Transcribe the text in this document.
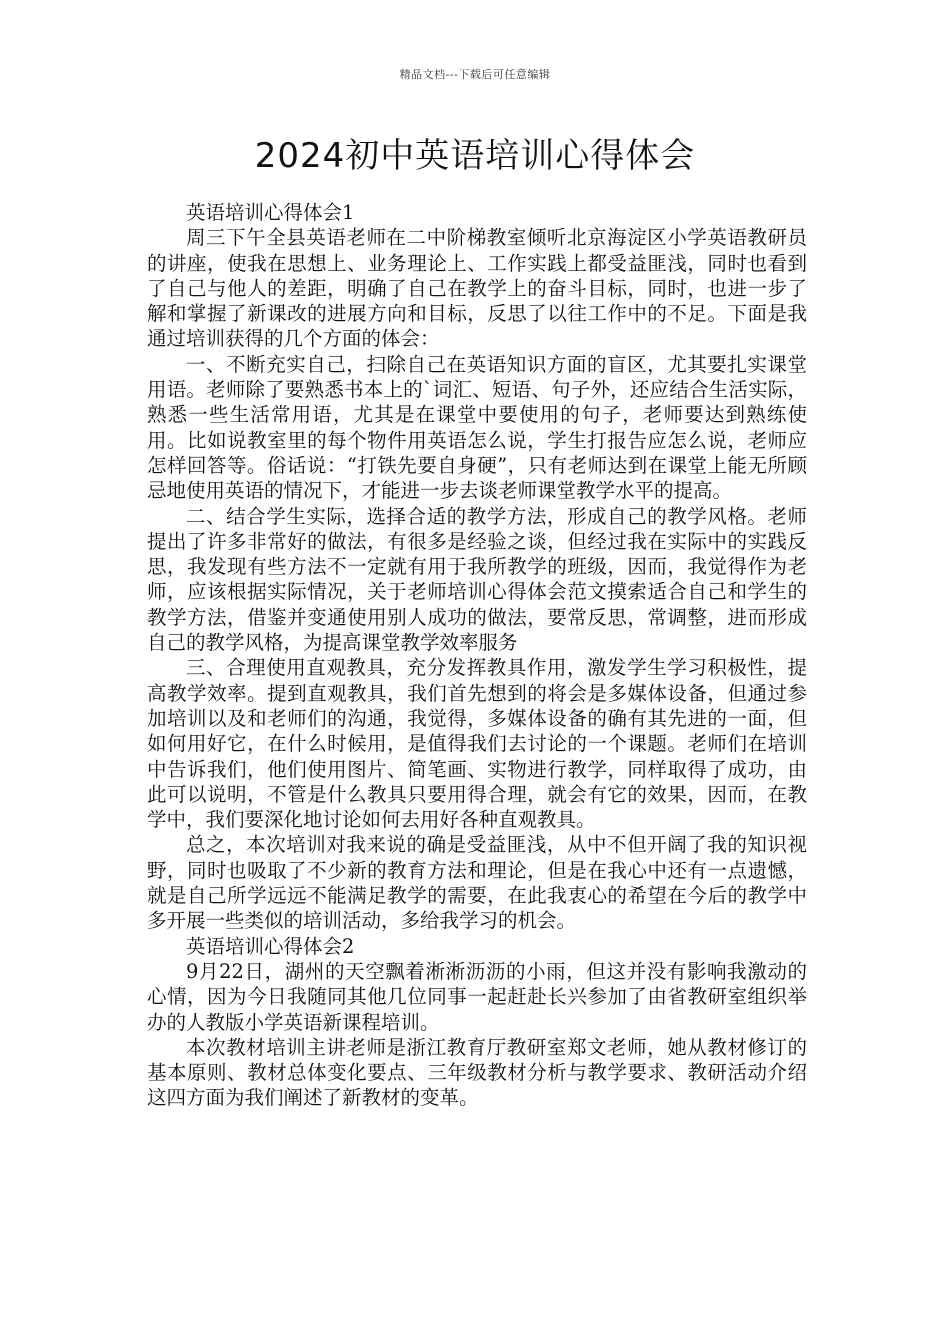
精品文档---下载后可任意编辑
2024初中英语培训心得体会

英语培训心得体会1

周三下午全县英语老师在二中阶梯教室倾听北京海淀区小学英语教研员的讲座，使我在思想上、业务理论上、工作实践上都受益匪浅，同时也看到了自己与他人的差距，明确了自己在教学上的奋斗目标，同时，也进一步了解和掌握了新课改的进展方向和目标，反思了以往工作中的不足。下面是我通过培训获得的几个方面的体会：

一、不断充实自己，扫除自己在英语知识方面的盲区，尤其要扎实课堂用语。老师除了要熟悉书本上的`词汇、短语、句子外，还应结合生活实际，熟悉一些生活常用语，尤其是在课堂中要使用的句子，老师要达到熟练使用。比如说教室里的每个物件用英语怎么说，学生打报告应怎么说，老师应怎样回答等。俗话说：“打铁先要自身硬”，只有老师达到在课堂上能无所顾忌地使用英语的情况下，才能进一步去谈老师课堂教学水平的提高。

二、结合学生实际，选择合适的教学方法，形成自己的教学风格。老师提出了许多非常好的做法，有很多是经验之谈，但经过我在实际中的实践反思，我发现有些方法不一定就有用于我所教学的班级，因而，我觉得作为老师，应该根据实际情况，关于老师培训心得体会范文摸索适合自己和学生的教学方法，借鉴并变通使用别人成功的做法，要常反思，常调整，进而形成自己的教学风格，为提高课堂教学效率服务

三、合理使用直观教具，充分发挥教具作用，激发学生学习积极性，提高教学效率。提到直观教具，我们首先想到的将会是多媒体设备，但通过参加培训以及和老师们的沟通，我觉得，多媒体设备的确有其先进的一面，但如何用好它，在什么时候用，是值得我们去讨论的一个课题。老师们在培训中告诉我们，他们使用图片、简笔画、实物进行教学，同样取得了成功，由此可以说明，不管是什么教具只要用得合理，就会有它的效果，因而，在教学中，我们要深化地讨论如何去用好各种直观教具。

总之，本次培训对我来说的确是受益匪浅，从中不但开阔了我的知识视野，同时也吸取了不少新的教育方法和理论，但是在我心中还有一点遗憾，就是自己所学远远不能满足教学的需要，在此我衷心的希望在今后的教学中多开展一些类似的培训活动，多给我学习的机会。

英语培训心得体会2

9月22日，湖州的天空飘着淅淅沥沥的小雨，但这并没有影响我激动的心情，因为今日我随同其他几位同事一起赶赴长兴参加了由省教研室组织举办的人教版小学英语新课程培训。

本次教材培训主讲老师是浙江教育厅教研室郑文老师，她从教材修订的基本原则、教材总体变化要点、三年级教材分析与教学要求、教研活动介绍这四方面为我们阐述了新教材的变革。
